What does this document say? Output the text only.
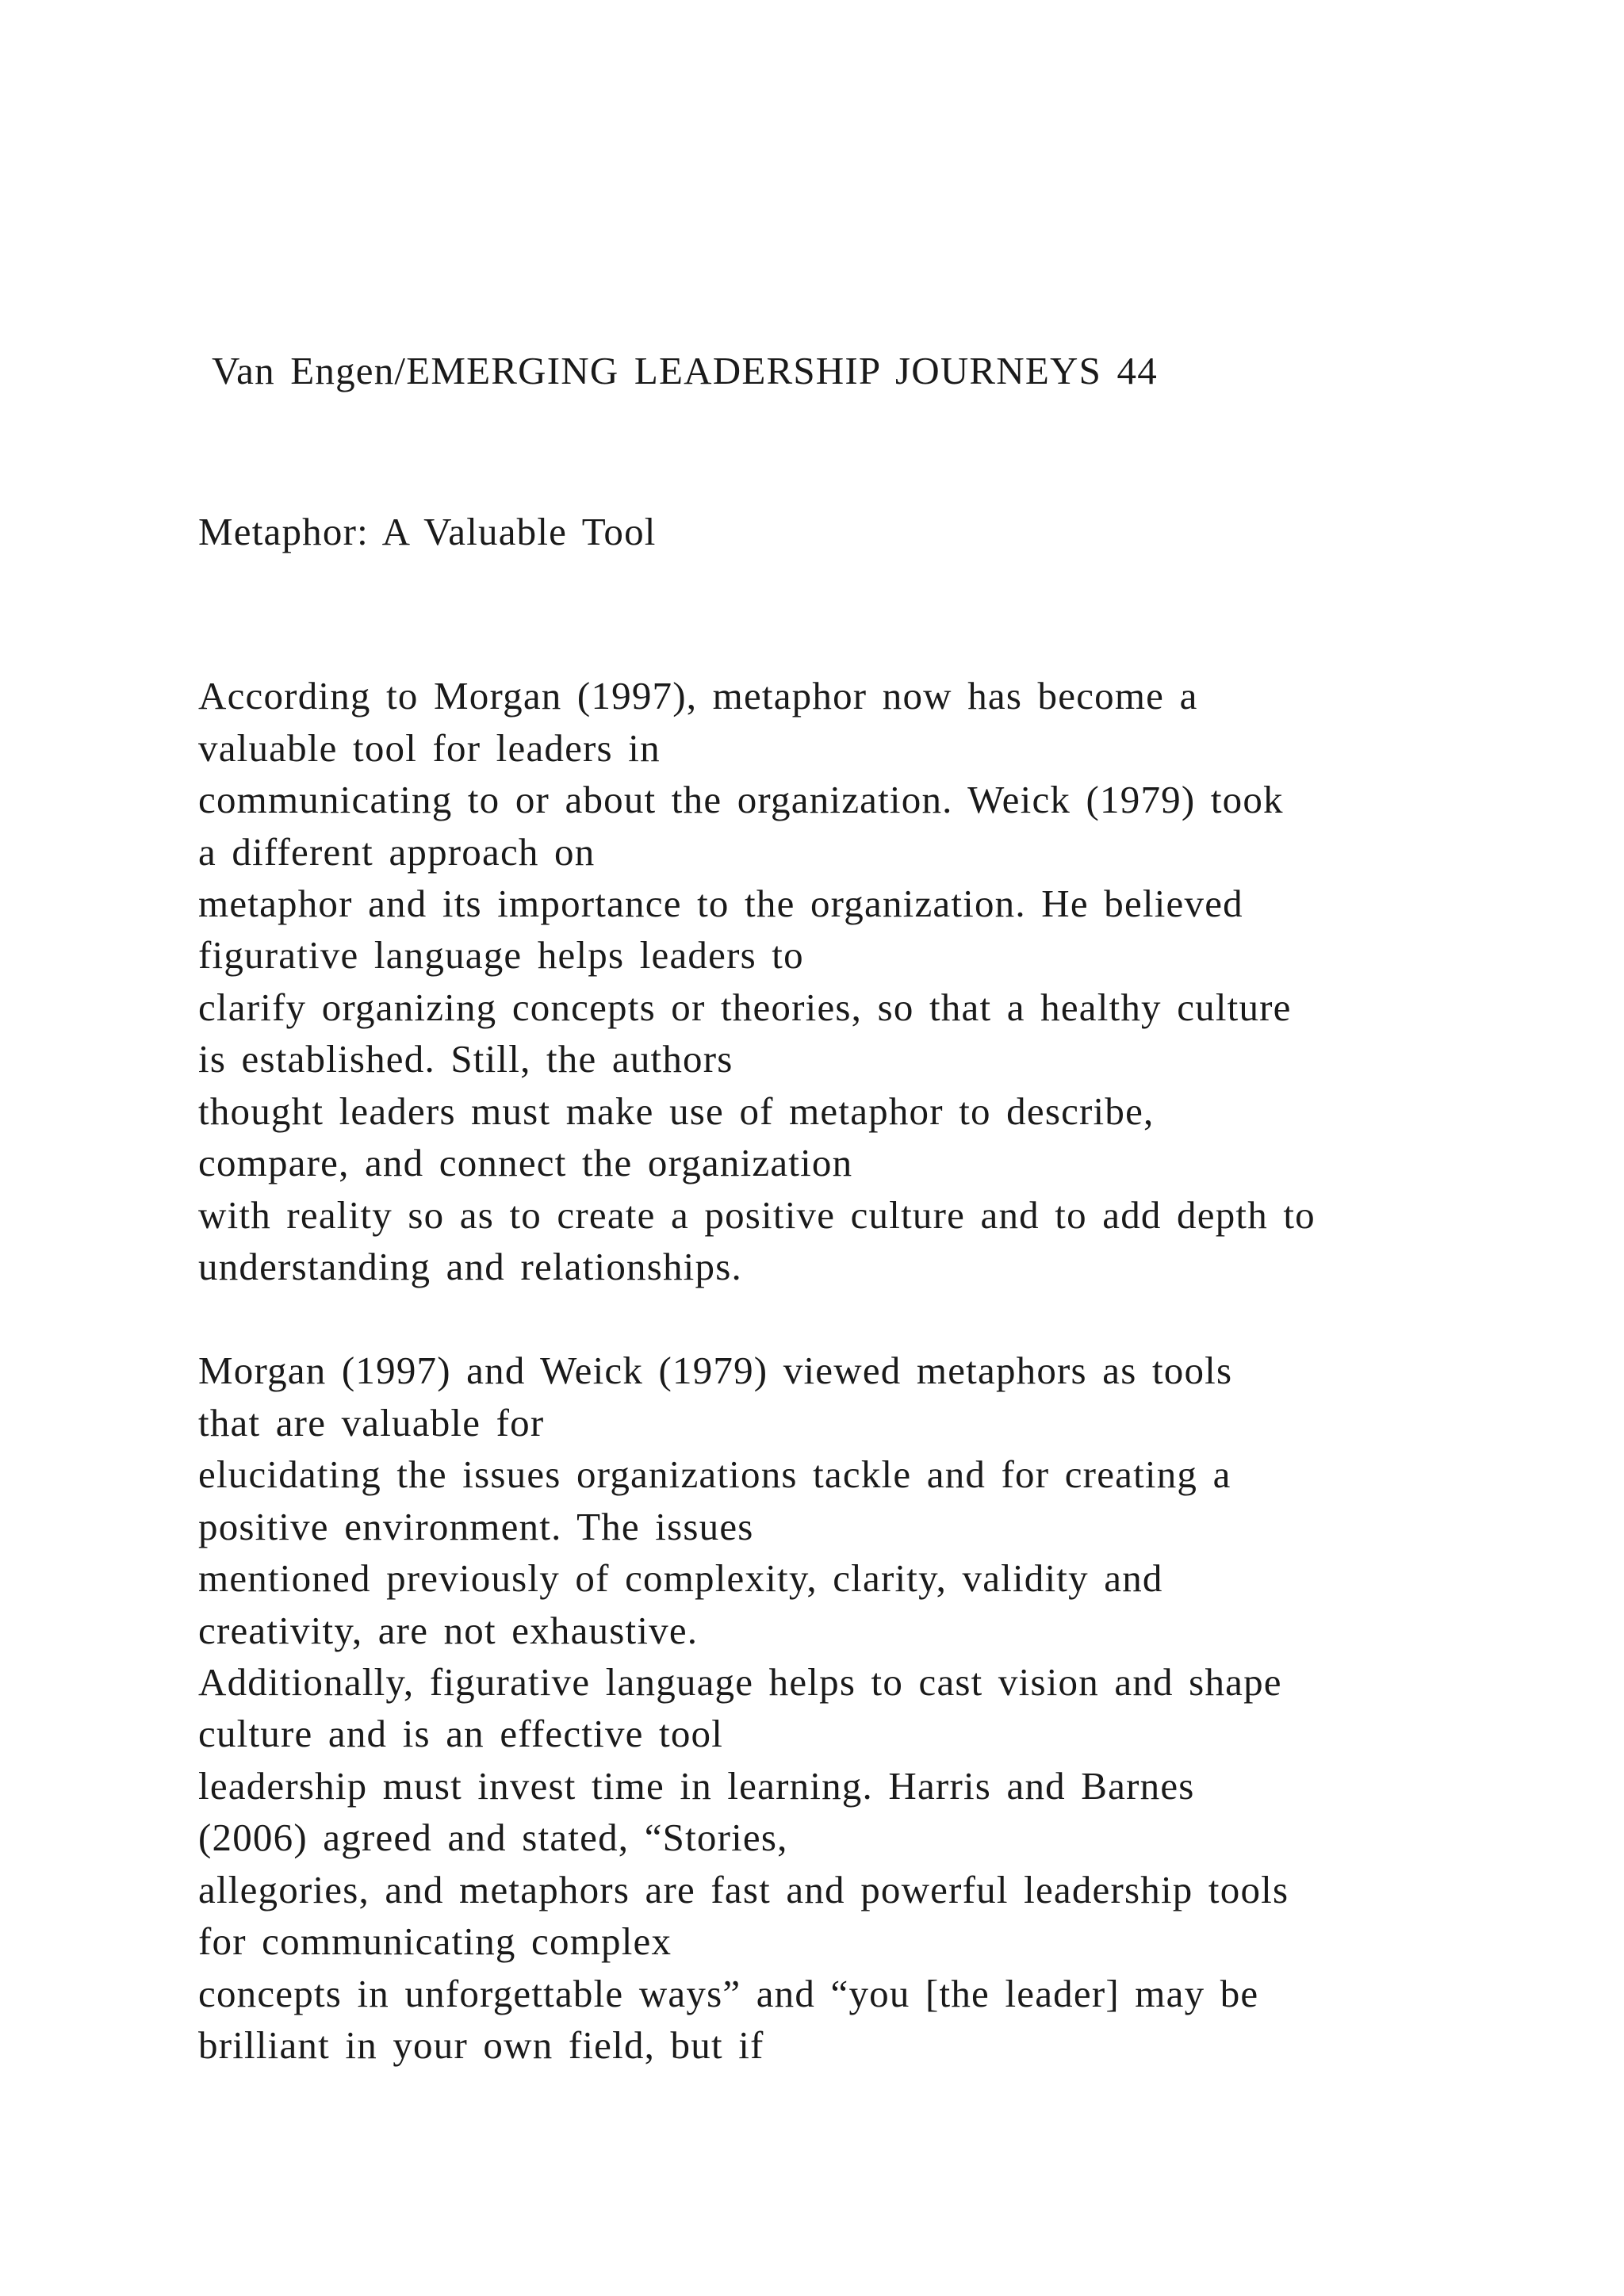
Van Engen/EMERGING LEADERSHIP JOURNEYS 44
Metaphor: A Valuable Tool
According to Morgan (1997), metaphor now has become a
valuable tool for leaders in
communicating to or about the organization. Weick (1979) took
a different approach on
metaphor and its importance to the organization. He believed
figurative language helps leaders to
clarify organizing concepts or theories, so that a healthy culture
is established. Still, the authors
thought leaders must make use of metaphor to describe,
compare, and connect the organization
with reality so as to create a positive culture and to add depth to
understanding and relationships.
Morgan (1997) and Weick (1979) viewed metaphors as tools
that are valuable for
elucidating the issues organizations tackle and for creating a
positive environment. The issues
mentioned previously of complexity, clarity, validity and
creativity, are not exhaustive.
Additionally, figurative language helps to cast vision and shape
culture and is an effective tool
leadership must invest time in learning. Harris and Barnes
(2006) agreed and stated, “Stories,
allegories, and metaphors are fast and powerful leadership tools
for communicating complex
concepts in unforgettable ways” and “you [the leader] may be
brilliant in your own field, but if
